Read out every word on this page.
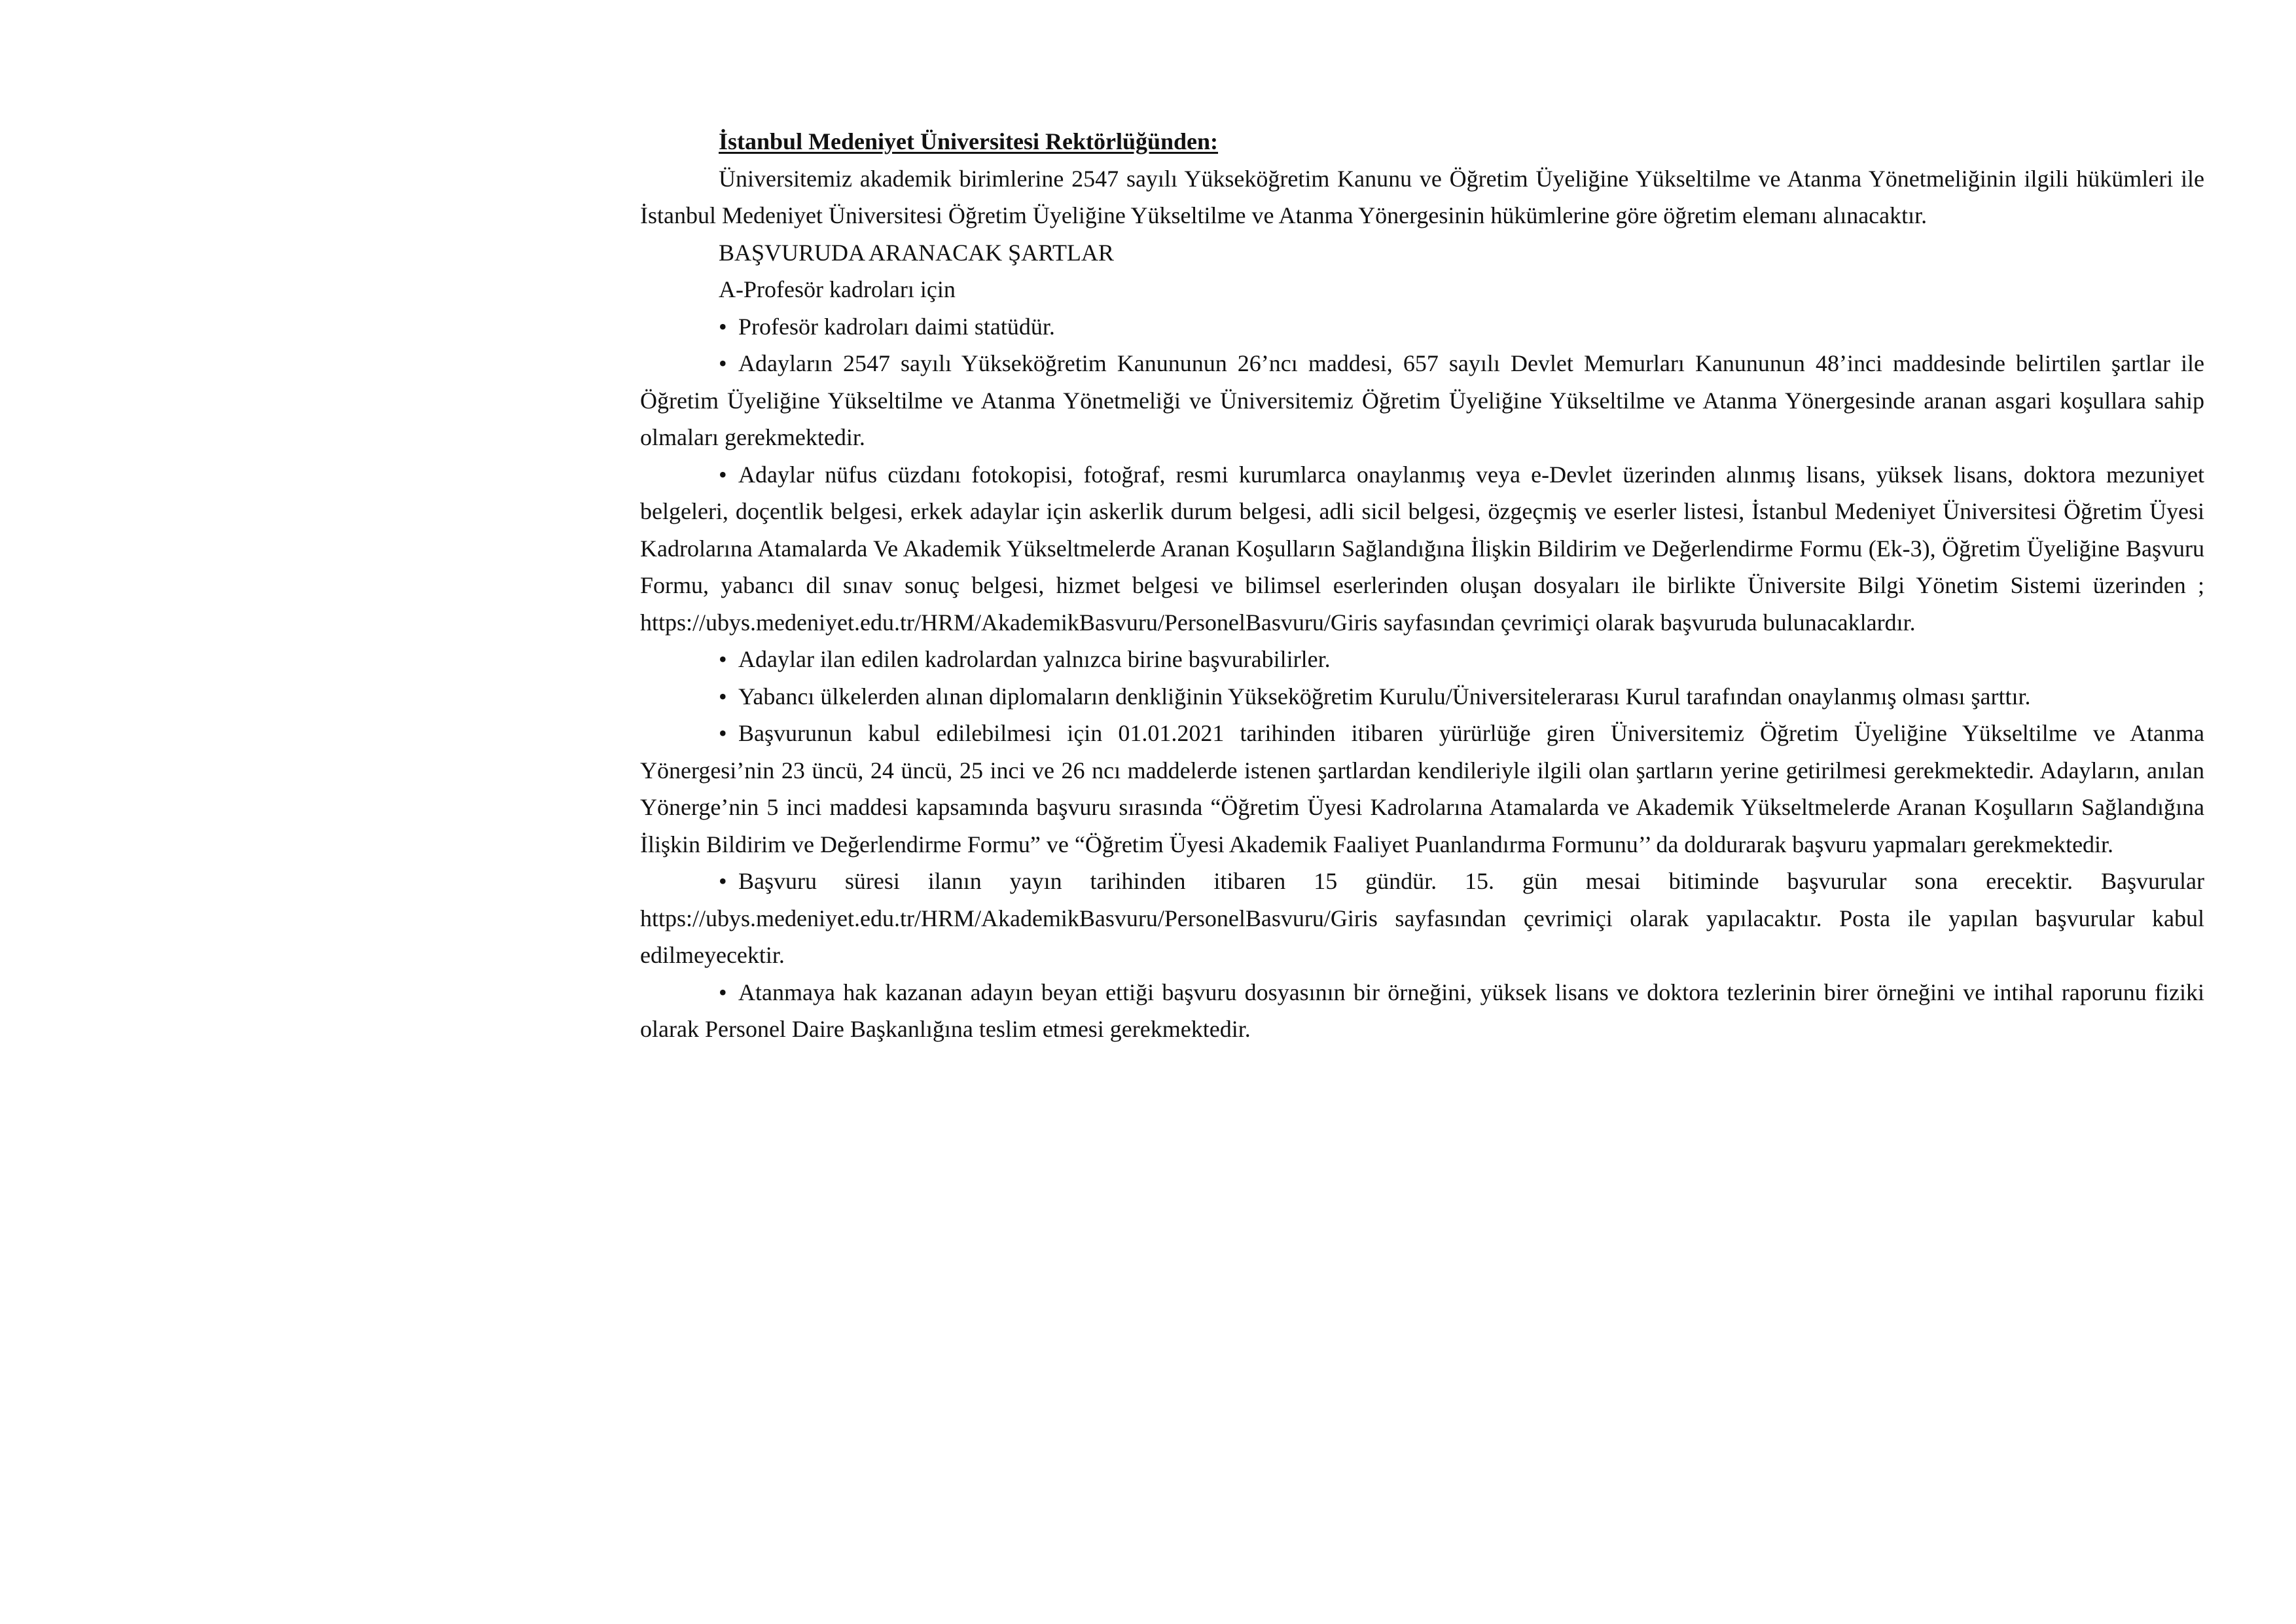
İstanbul Medeniyet Üniversitesi Rektörlüğünden:

Üniversitemiz akademik birimlerine 2547 sayılı Yükseköğretim Kanunu ve Öğretim Üyeliğine Yükseltilme ve Atanma Yönetmeliğinin ilgili hükümleri ile İstanbul Medeniyet Üniversitesi Öğretim Üyeliğine Yükseltilme ve Atanma Yönergesinin hükümlerine göre öğretim elemanı alınacaktır.

BAŞVURUDA ARANACAK ŞARTLAR

A-Profesör kadroları için

• Profesör kadroları daimi statüdür.

• Adayların 2547 sayılı Yükseköğretim Kanununun 26’ncı maddesi, 657 sayılı Devlet Memurları Kanununun 48’inci maddesinde belirtilen şartlar ile Öğretim Üyeliğine Yükseltilme ve Atanma Yönetmeliği ve Üniversitemiz Öğretim Üyeliğine Yükseltilme ve Atanma Yönergesinde aranan asgari koşullara sahip olmaları gerekmektedir.

• Adaylar nüfus cüzdanı fotokopisi, fotoğraf, resmi kurumlarca onaylanmış veya e-Devlet üzerinden alınmış lisans, yüksek lisans, doktora mezuniyet belgeleri, doçentlik belgesi, erkek adaylar için askerlik durum belgesi, adli sicil belgesi, özgeçmiş ve eserler listesi, İstanbul Medeniyet Üniversitesi Öğretim Üyesi Kadrolarına Atamalarda Ve Akademik Yükseltmelerde Aranan Koşulların Sağlandığına İlişkin Bildirim ve Değerlendirme Formu (Ek-3), Öğretim Üyeliğine Başvuru Formu, yabancı dil sınav sonuç belgesi, hizmet belgesi ve bilimsel eserlerinden oluşan dosyaları ile birlikte Üniversite Bilgi Yönetim Sistemi üzerinden ; https://ubys.medeniyet.edu.tr/HRM/AkademikBasvuru/PersonelBasvuru/Giris sayfasından çevrimiçi olarak başvuruda bulunacaklardır.

• Adaylar ilan edilen kadrolardan yalnızca birine başvurabilirler.

• Yabancı ülkelerden alınan diplomaların denkliğinin Yükseköğretim Kurulu/Üniversitelerarası Kurul tarafından onaylanmış olması şarttır.

• Başvurunun kabul edilebilmesi için 01.01.2021 tarihinden itibaren yürürlüğe giren Üniversitemiz Öğretim Üyeliğine Yükseltilme ve Atanma Yönergesi’nin 23 üncü, 24 üncü, 25 inci ve 26 ncı maddelerde istenen şartlardan kendileriyle ilgili olan şartların yerine getirilmesi gerekmektedir. Adayların, anılan Yönerge’nin 5 inci maddesi kapsamında başvuru sırasında “Öğretim Üyesi Kadrolarına Atamalarda ve Akademik Yükseltmelerde Aranan Koşulların Sağlandığına İlişkin Bildirim ve Değerlendirme Formu” ve “Öğretim Üyesi Akademik Faaliyet Puanlandırma Formunu’’ da doldurarak başvuru yapmaları gerekmektedir.

• Başvuru süresi ilanın yayın tarihinden itibaren 15 gündür. 15. gün mesai bitiminde başvurular sona erecektir. Başvurular https://ubys.medeniyet.edu.tr/HRM/AkademikBasvuru/PersonelBasvuru/Giris sayfasından çevrimiçi olarak yapılacaktır. Posta ile yapılan başvurular kabul edilmeyecektir.

• Atanmaya hak kazanan adayın beyan ettiği başvuru dosyasının bir örneğini, yüksek lisans ve doktora tezlerinin birer örneğini ve intihal raporunu fiziki olarak Personel Daire Başkanlığına teslim etmesi gerekmektedir.
